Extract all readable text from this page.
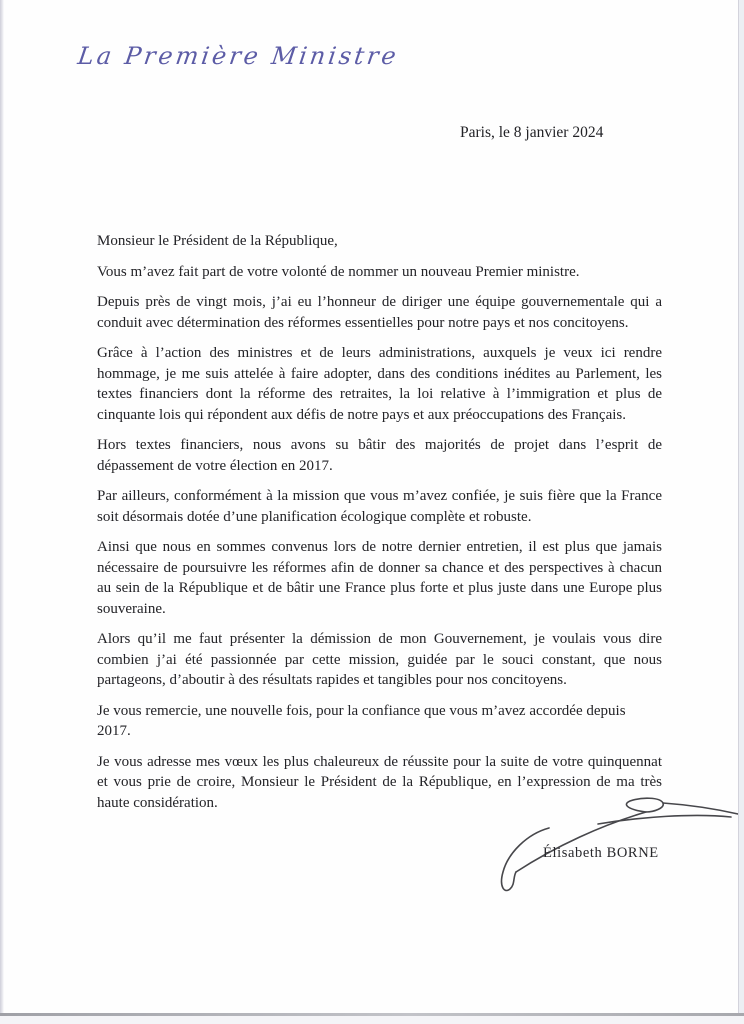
La Première Ministre
Paris, le 8 janvier 2024

Monsieur le Président de la République,

Vous m’avez fait part de votre volonté de nommer un nouveau Premier ministre.

Depuis près de vingt mois, j’ai eu l’honneur de diriger une équipe gouvernementale qui a conduit avec détermination des réformes essentielles pour notre pays et nos concitoyens.

Grâce à l’action des ministres et de leurs administrations, auxquels je veux ici rendre hommage, je me suis attelée à faire adopter, dans des conditions inédites au Parlement, les textes financiers dont la réforme des retraites, la loi relative à l’immigration et plus de cinquante lois qui répondent aux défis de notre pays et aux préoccupations des Français.

Hors textes financiers, nous avons su bâtir des majorités de projet dans l’esprit de dépassement de votre élection en 2017.

Par ailleurs, conformément à la mission que vous m’avez confiée, je suis fière que la France soit désormais dotée d’une planification écologique complète et robuste.

Ainsi que nous en sommes convenus lors de notre dernier entretien, il est plus que jamais nécessaire de poursuivre les réformes afin de donner sa chance et des perspectives à chacun au sein de la République et de bâtir une France plus forte et plus juste dans une Europe plus souveraine.

Alors qu’il me faut présenter la démission de mon Gouvernement, je voulais vous dire combien j’ai été passionnée par cette mission, guidée par le souci constant, que nous partageons, d’aboutir à des résultats rapides et tangibles pour nos concitoyens.

Je vous remercie, une nouvelle fois, pour la confiance que vous m’avez accordée depuis 2017.

Je vous adresse mes vœux les plus chaleureux de réussite pour la suite de votre quinquennat et vous prie de croire, Monsieur le Président de la République, en l’expression de ma très haute considération.

Élisabeth BORNE
